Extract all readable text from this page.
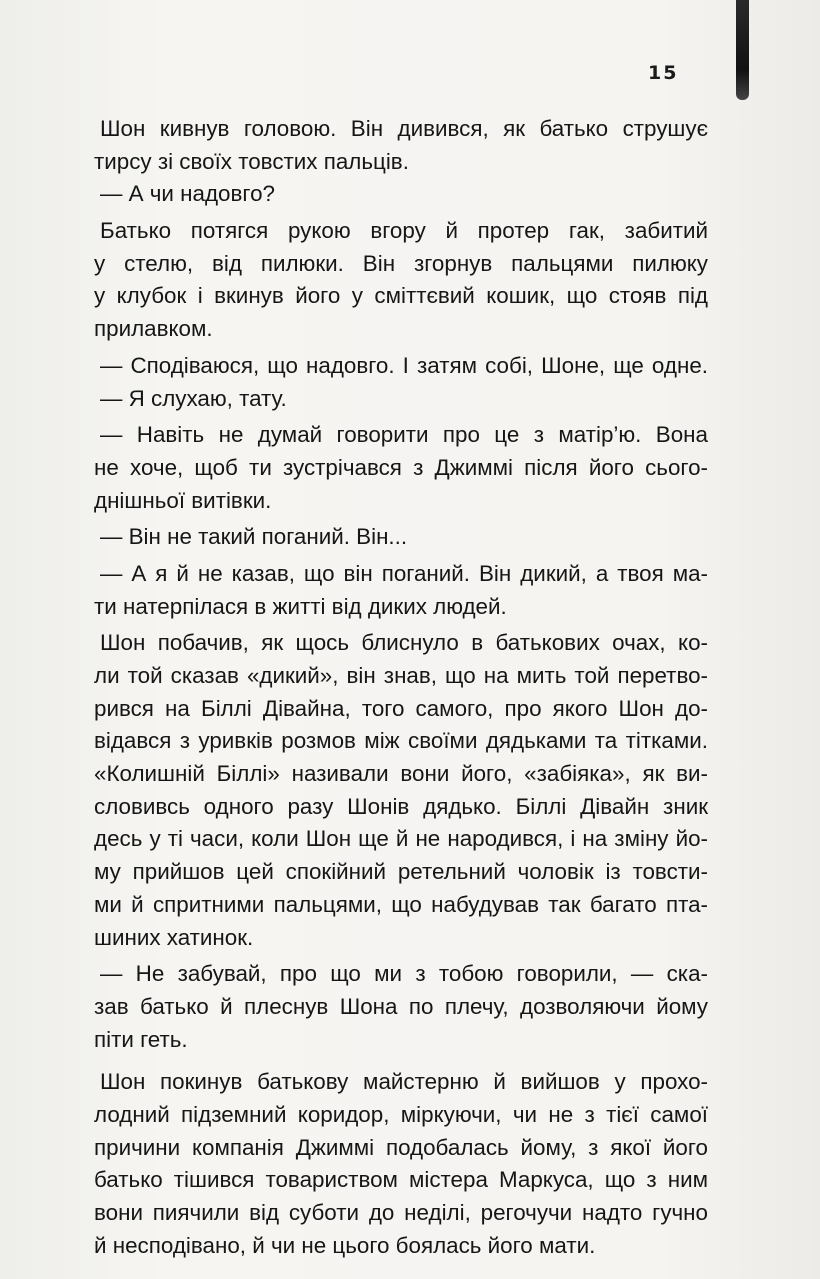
15
Шон кивнув головою. Він дивився, як батько струшує
тирсу зі своїх товстих пальців.
— А чи надовго?
Батько потягся рукою вгору й протер гак, забитий
у стелю, від пилюки. Він згорнув пальцями пилюку
у клубок і вкинув його у сміттєвий кошик, що стояв під
прилавком.
— Сподіваюся, що надовго. І затям собі, Шоне, ще одне.
— Я слухаю, тату.
— Навіть не думай говорити про це з матір’ю. Вона
не хоче, щоб ти зустрічався з Джиммі після його сього-
днішньої витівки.
— Він не такий поганий. Він...
— А я й не казав, що він поганий. Він дикий, а твоя ма-
ти натерпілася в житті від диких людей.
Шон побачив, як щось блиснуло в батькових очах, ко-
ли той сказав «дикий», він знав, що на мить той перетво-
рився на Біллі Дівайна, того самого, про якого Шон до-
відався з уривків розмов між своїми дядьками та тітками.
«Колишній Біллі» називали вони його, «забіяка», як ви-
словивсь одного разу Шонів дядько. Біллі Дівайн зник
десь у ті часи, коли Шон ще й не народився, і на зміну йо-
му прийшов цей спокійний ретельний чоловік із товсти-
ми й спритними пальцями, що набудував так багато пта-
шиних хатинок.
— Не забувай, про що ми з тобою говорили, — ска-
зав батько й плеснув Шона по плечу, дозволяючи йому
піти геть.
Шон покинув батькову майстерню й вийшов у прохо-
лодний підземний коридор, міркуючи, чи не з тієї самої
причини компанія Джиммі подобалась йому, з якої його
батько тішився товариством містера Маркуса, що з ним
вони пиячили від суботи до неділі, регочучи надто гучно
й несподівано, й чи не цього боялась його мати.
